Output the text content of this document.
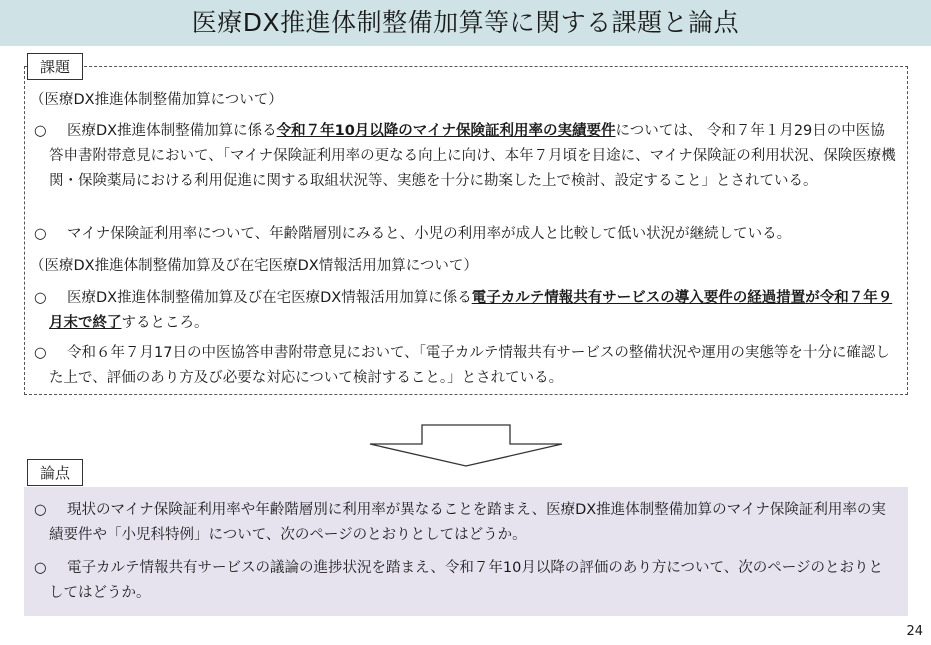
医療DX推進体制整備加算等に関する課題と論点
課題
（医療DX推進体制整備加算について）
○	医療DX推進体制整備加算に係る令和７年10月以降のマイナ保険証利用率の実績要件については、 令和７年１月29日の中医協答申書附帯意見において、「マイナ保険証利用率の更なる向上に向け、本年７月頃を目途に、マイナ保険証の利用状況、保険医療機関・保険薬局における利用促進に関する取組状況等、実態を十分に勘案した上で検討、設定すること」とされている。
○	マイナ保険証利用率について、年齢階層別にみると、小児の利用率が成人と比較して低い状況が継続している。
（医療DX推進体制整備加算及び在宅医療DX情報活用加算について）
○	医療DX推進体制整備加算及び在宅医療DX情報活用加算に係る電子カルテ情報共有サービスの導入要件の経過措置が令和７年９月末で終了するところ。
○	令和６年７月17日の中医協答申書附帯意見において、「電子カルテ情報共有サービスの整備状況や運用の実態等を十分に確認した上で、評価のあり方及び必要な対応について検討すること。」とされている。
論点
○	現状のマイナ保険証利用率や年齢階層別に利用率が異なることを踏まえ、医療DX推進体制整備加算のマイナ保険証利用率の実績要件や「小児科特例」について、次のページのとおりとしてはどうか。
○	電子カルテ情報共有サービスの議論の進捗状況を踏まえ、令和７年10月以降の評価のあり方について、次のページのとおりとしてはどうか。
24
